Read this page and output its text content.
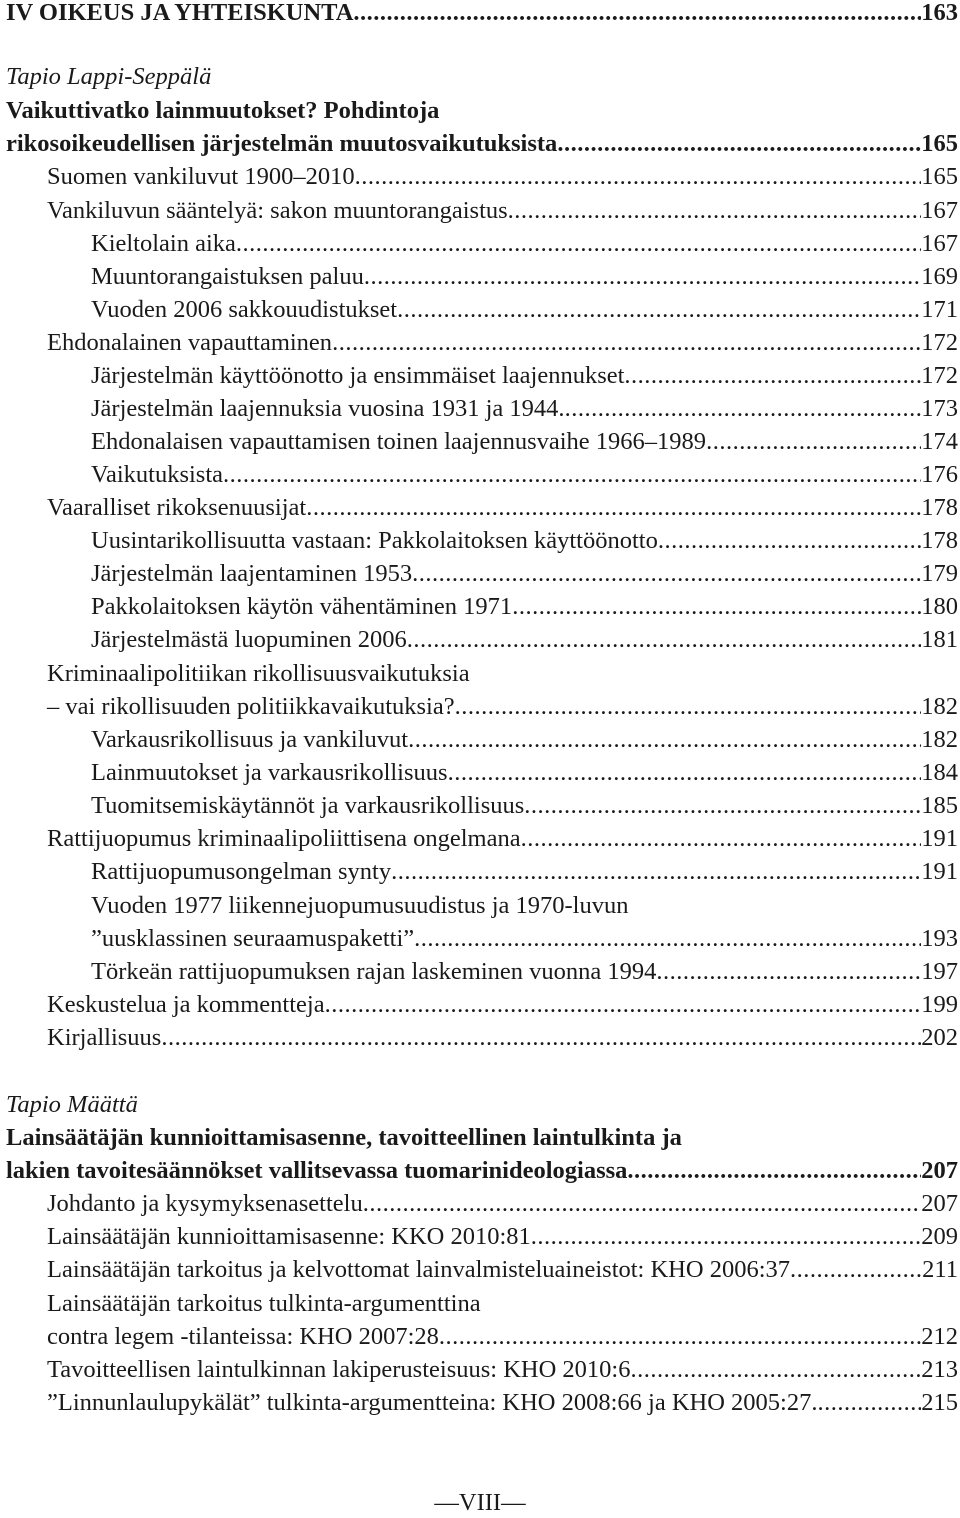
IV OIKEUS JA YHTEISKUNTA .....	163
Tapio Lappi-Seppälä
Vaikuttivatko lainmuutokset? Pohdintoja
rikosoikeudellisen järjestelmän muutosvaikutuksista .....	165
Suomen vankiluvut 1900–2010 .....	165
Vankiluvun sääntelyä: sakon muuntorangaistus .....	167
Kieltolain aika .....	167
Muuntorangaistuksen paluu .....	169
Vuoden 2006 sakkouudistukset .....	171
Ehdonalainen vapauttaminen .....	172
Järjestelmän käyttöönotto ja ensimmäiset laajennukset .....	172
Järjestelmän laajennuksia vuosina 1931 ja 1944. .....	173
Ehdonalaisen vapauttamisen toinen laajennusvaihe 1966–1989 .....	174
Vaikutuksista .....	176
Vaaralliset rikoksenuusijat .....	178
Uusintarikollisuutta vastaan: Pakkolaitoksen käyttöönotto .....	178
Järjestelmän laajentaminen 1953 .....	179
Pakkolaitoksen käytön vähentäminen 1971 .....	180
Järjestelmästä luopuminen 2006 .....	181
Kriminaalipolitiikan rikollisuusvaikutuksia
– vai rikollisuuden politiikkavaikutuksia? .....	182
Varkausrikollisuus ja vankiluvut .....	182
Lainmuutokset ja varkausrikollisuus .....	184
Tuomitsemiskäytännöt ja varkausrikollisuus .....	185
Rattijuopumus kriminaalipoliittisena ongelmana .....	191
Rattijuopumusongelman synty .....	191
Vuoden 1977 liikennejuopumusuudistus ja 1970-luvun
”uusklassinen seuraamuspaketti” .....	193
Törkeän rattijuopumuksen rajan laskeminen vuonna 1994 .....	197
Keskustelua ja kommentteja .....	199
Kirjallisuus .....	202
Tapio Määttä
Lainsäätäjän kunnioittamisasenne, tavoitteellinen laintulkinta ja
lakien tavoitesäännökset vallitsevassa tuomarinideologiassa .....	207
Johdanto ja kysymyksenasettelu .....	207
Lainsäätäjän kunnioittamisasenne: KKO 2010:81 .....	209
Lainsäätäjän tarkoitus ja kelvottomat lainvalmisteluaineistot: KHO 2006:37 .....	211
Lainsäätäjän tarkoitus tulkinta-argumenttina
contra legem -tilanteissa: KHO 2007:28 .....	212
Tavoitteellisen laintulkinnan lakiperusteisuus: KHO 2010:6 .....	213
”Linnunlaulupykälät” tulkinta-argumentteina: KHO 2008:66 ja KHO 2005:27. .....	215
—VIII—
